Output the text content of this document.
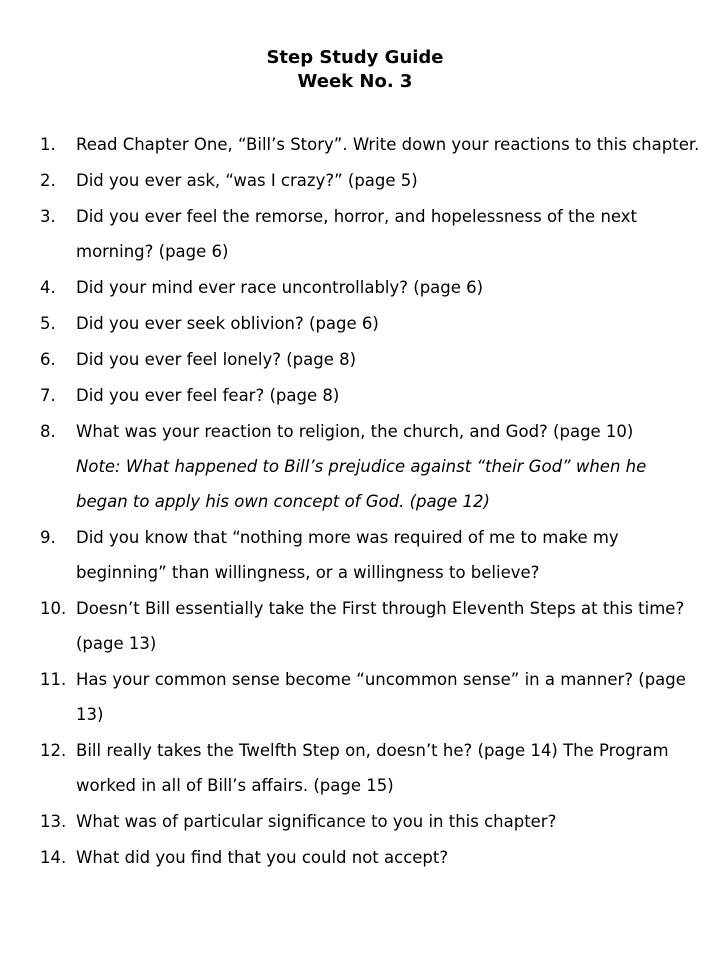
Step Study Guide
Week No. 3
1. Read Chapter One, “Bill’s Story”. Write down your reactions to this chapter.
2. Did you ever ask, “was I crazy?” (page 5)
3. Did you ever feel the remorse, horror, and hopelessness of the next morning? (page 6)
4. Did your mind ever race uncontrollably? (page 6)
5. Did you ever seek oblivion? (page 6)
6. Did you ever feel lonely? (page 8)
7. Did you ever feel fear? (page 8)
8. What was your reaction to religion, the church, and God? (page 10)
Note: What happened to Bill’s prejudice against “their God” when he began to apply his own concept of God. (page 12)
9. Did you know that “nothing more was required of me to make my beginning” than willingness, or a willingness to believe?
10. Doesn’t Bill essentially take the First through Eleventh Steps at this time? (page 13)
11. Has your common sense become “uncommon sense” in a manner? (page 13)
12. Bill really takes the Twelfth Step on, doesn’t he? (page 14) The Program worked in all of Bill’s affairs. (page 15)
13. What was of particular significance to you in this chapter?
14. What did you find that you could not accept?
